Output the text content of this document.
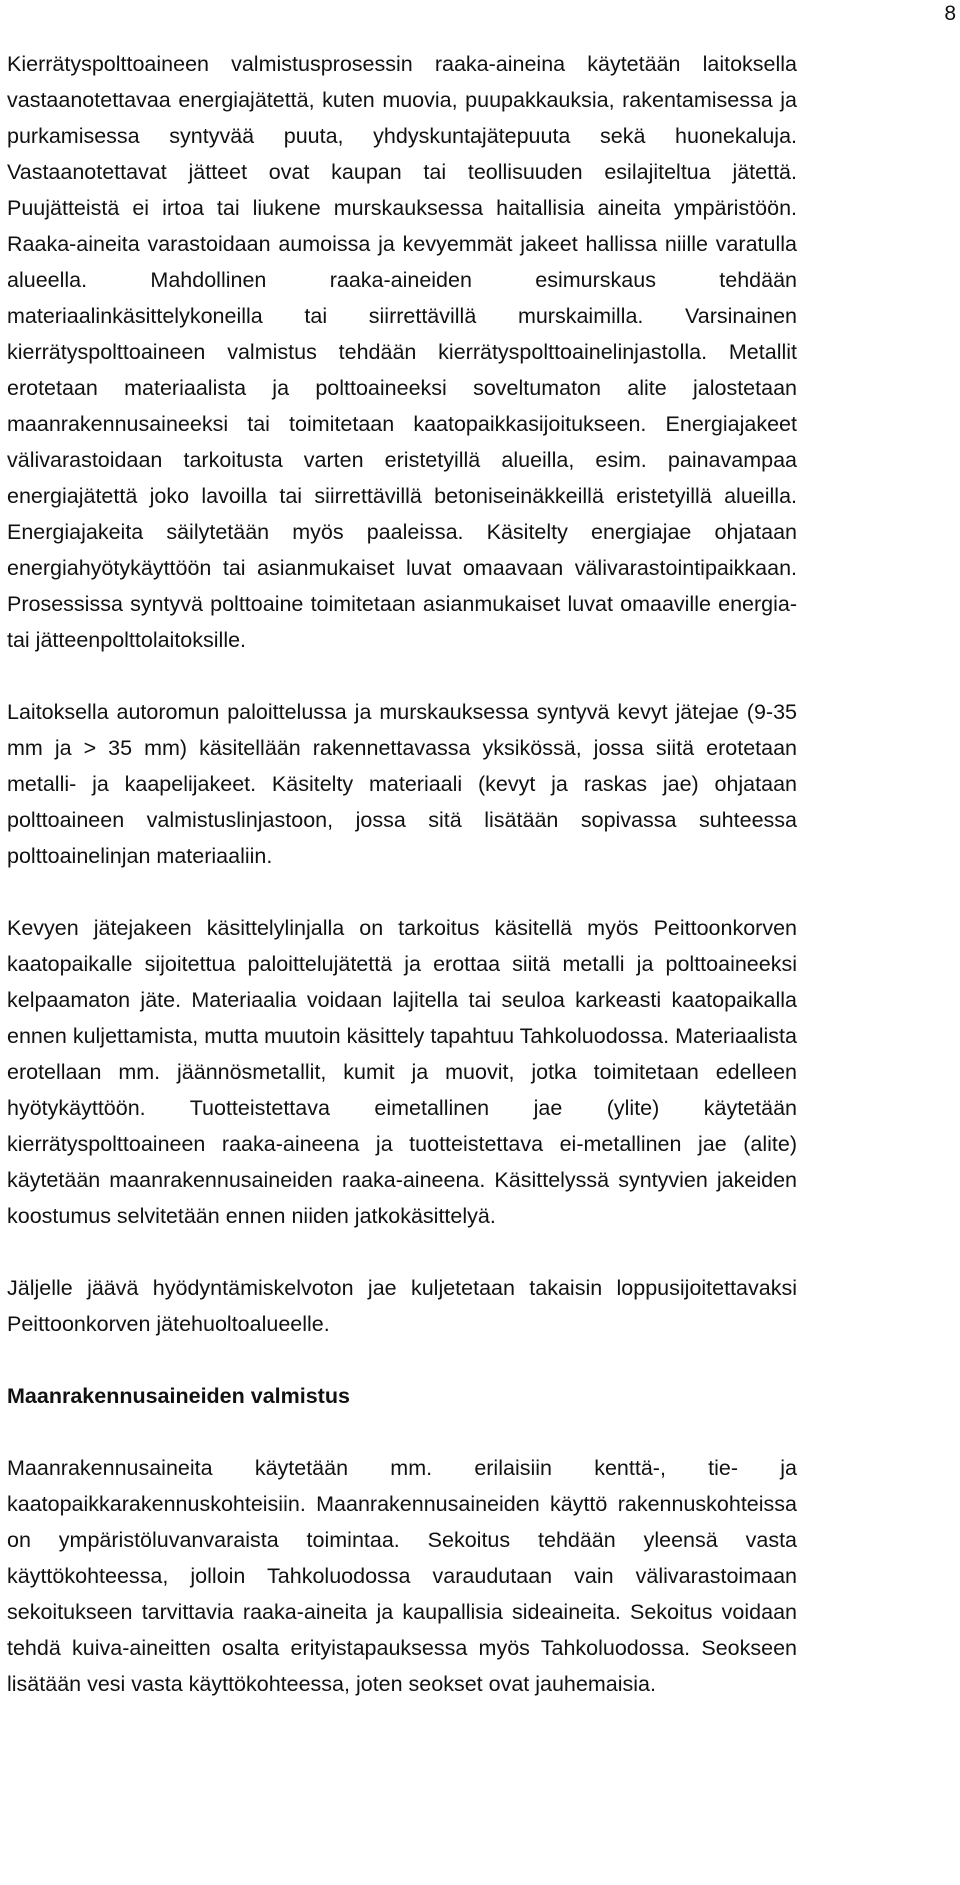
8

Kierrätyspolttoaineen valmistusprosessin raaka-aineina käytetään laitoksella vastaanotettavaa energiajätettä, kuten muovia, puupakkauksia, rakentamisessa ja purkamisessa syntyvää puuta, yhdyskuntajätepuuta sekä huonekaluja. Vastaanotettavat jätteet ovat kaupan tai teollisuuden esilajiteltua jätettä. Puujätteistä ei irtoa tai liukene murskauksessa haitallisia aineita ympäristöön. Raaka-aineita varastoidaan aumoissa ja kevyemmät jakeet hallissa niille varatulla alueella. Mahdollinen raaka-aineiden esimurskaus tehdään materiaalinkäsittelykoneilla tai siirrettävillä murskaimilla. Varsinainen kierrätyspolttoaineen valmistus tehdään kierrätyspolttoainelinjastolla. Metallit erotetaan materiaalista ja polttoaineeksi soveltumaton alite jalostetaan maanrakennusaineeksi tai toimitetaan kaatopaikkasijoitukseen. Energiajakeet välivarastoidaan tarkoitusta varten eristetyillä alueilla, esim. painavampaa energiajätettä joko lavoilla tai siirrettävillä betoniseinäkkeillä eristetyillä alueilla. Energiajakeita säilytetään myös paaleissa. Käsitelty energiajae ohjataan energiahyötykäyttöön tai asianmukaiset luvat omaavaan välivarastointipaikkaan. Prosessissa syntyvä polttoaine toimitetaan asianmukaiset luvat omaaville energia- tai jätteenpolttolaitoksille.

Laitoksella autoromun paloittelussa ja murskauksessa syntyvä kevyt jätejae (9-35 mm ja > 35 mm) käsitellään rakennettavassa yksikössä, jossa siitä erotetaan metalli- ja kaapelijakeet. Käsitelty materiaali (kevyt ja raskas jae) ohjataan polttoaineen valmistuslinjastoon, jossa sitä lisätään sopivassa suhteessa polttoainelinjan materiaaliin.

Kevyen jätejakeen käsittelylinjalla on tarkoitus käsitellä myös Peittoonkorven kaatopaikalle sijoitettua paloittelujätettä ja erottaa siitä metalli ja polttoaineeksi kelpaamaton jäte. Materiaalia voidaan lajitella tai seuloa karkeasti kaatopaikalla ennen kuljettamista, mutta muutoin käsittely tapahtuu Tahkoluodossa. Materiaalista erotellaan mm. jäännösmetallit, kumit ja muovit, jotka toimitetaan edelleen hyötykäyttöön. Tuotteistettava eimetallinen jae (ylite) käytetään kierrätyspolttoaineen raaka-aineena ja tuotteistettava ei-metallinen jae (alite) käytetään maanrakennusaineiden raaka-aineena. Käsittelyssä syntyvien jakeiden koostumus selvitetään ennen niiden jatkokäsittelyä.

Jäljelle jäävä hyödyntämiskelvoton jae kuljetetaan takaisin loppusijoitettavaksi Peittoonkorven jätehuoltoalueelle.

Maanrakennusaineiden valmistus

Maanrakennusaineita käytetään mm. erilaisiin kenttä-, tie- ja kaatopaikkarakennuskohteisiin. Maanrakennusaineiden käyttö rakennuskohteissa on ympäristöluvanvaraista toimintaa. Sekoitus tehdään yleensä vasta käyttökohteessa, jolloin Tahkoluodossa varaudutaan vain välivarastoimaan sekoitukseen tarvittavia raaka-aineita ja kaupallisia sideaineita. Sekoitus voidaan tehdä kuiva-aineitten osalta erityistapauksessa myös Tahkoluodossa. Seokseen lisätään vesi vasta käyttökohteessa, joten seokset ovat jauhemaisia.
